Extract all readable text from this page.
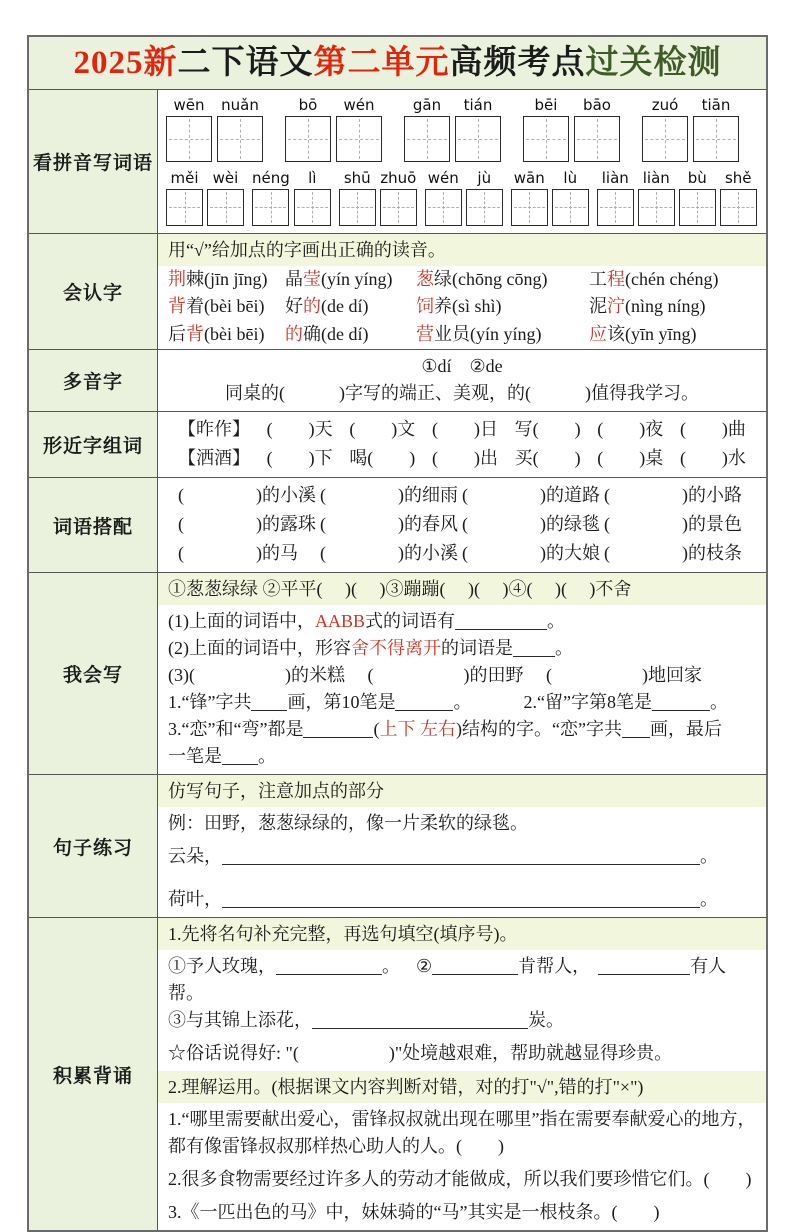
2025新二下语文第二单元高频考点过关检测
看拼音写词语
wēn nuǎn	bō wén	gān tián	bēi bāo	zuó tiān
měi wèi néng lì shū zhuō wén jù wān lù liàn liàn bù shě
会认字
用“√”给加点的字画出正确的读音。
荆棘(jīn jīng) 晶莹(yín yíng)	葱绿(chōng cōng)	工程(chén chéng)
背着(bèi bēi)	好的(de dí)	饲养(sì shì)	泥泞(nìng níng)
后背(bèi bēi)	的确(de dí)	营业员(yín yíng)	应该(yīn yīng)
多音字
①dí　②de
同桌的(　　　)字写的端正、美观，的(　　　)值得我学习。
形近字组词
【昨作】 (　　)天 (　　)文 (　　)日 写(　　) (　　)夜 (　　)曲
【洒酒】 (　　)下 喝(　　) (　　)出 买(　　) (　　)桌 (　　)水
词语搭配
(　　　　)的小溪 (　　　　)的细雨 (　　　　)的道路 (　　　　)的小路
(　　　　)的露珠 (　　　　)的春风 (　　　　)的绿毯 (　　　　)的景色
(　　　　)的马	(　　　　)的小溪 (　　　　)的大娘 (　　　　)的枝条
我会写
①葱葱绿绿 ②平平(　 )(　 )③蹦蹦(　 )(　 )④(　 )(　 )不舍
(1)上面的词语中，AABB式的词语有	。
(2)上面的词语中，形容舍不得离开的词语是 。
(3)(　　　　　)的米糕　 (　　　　　)的田野　 (　　　　　)地回家
1.“锋”字共 画，第10笔是	。	2.“留”字第8笔是	。
3.“恋”和“弯”都是	(上下 左右)结构的字。“恋”字共 画，最后
一笔是 。
句子练习
仿写句子，注意加点的部分
例：田野，葱葱绿绿的，像一片柔软的绿毯。
云朵，	。
荷叶，	。
积累背诵
1.先将名句补充完整，再选句填空(填序号)。
①予人玫瑰，	。 ②	肯帮人，	有人帮。
③与其锦上添花，	炭。
☆俗话说得好: "(　　　　　)"处境越艰难，帮助就越显得珍贵。
2.理解运用。(根据课文内容判断对错，对的打"√",错的打"×")
1.“哪里需要献出爱心，雷锋叔叔就出现在哪里”指在需要奉献爱心的地方，都有像雷锋叔叔那样热心助人的人。(　　)
2.很多食物需要经过许多人的劳动才能做成，所以我们要珍惜它们。(　　)
3.《一匹出色的马》中，妹妹骑的“马”其实是一根枝条。(　　)
